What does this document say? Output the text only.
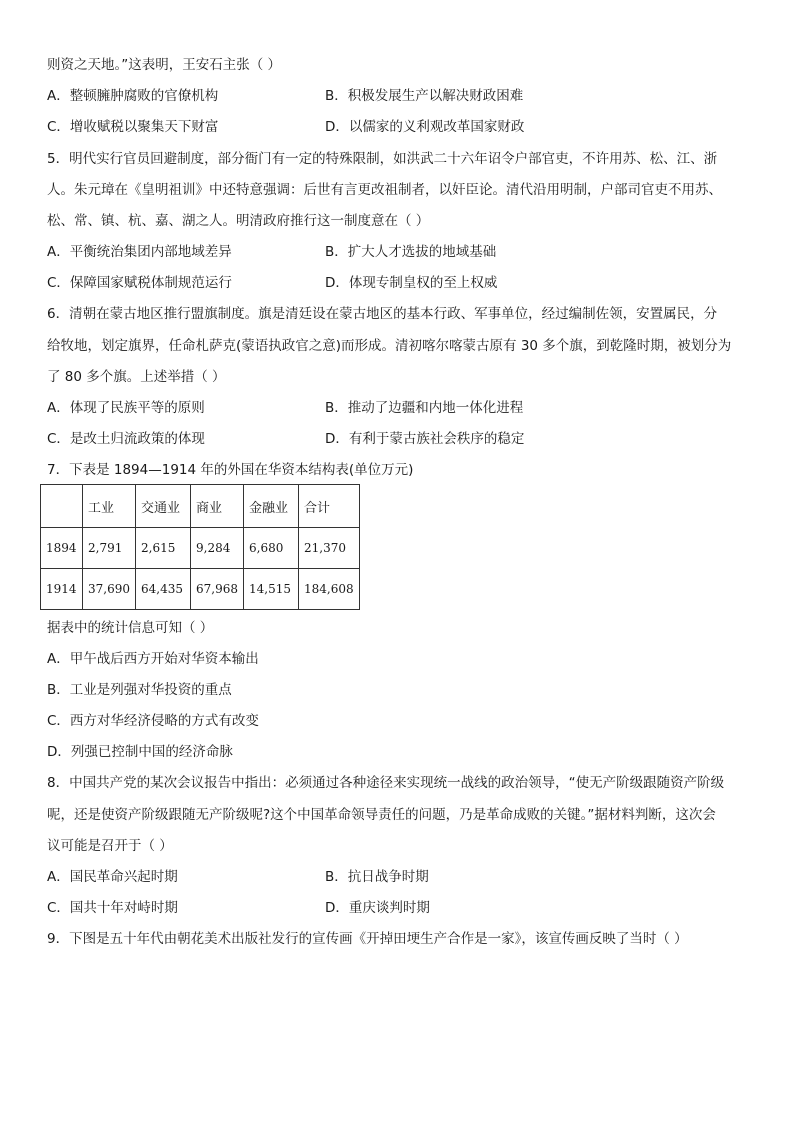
则资之天地。”这表明，王安石主张（ ）
A．整顿臃肿腐败的官僚机构	B．积极发展生产以解决财政困难
C．增收赋税以聚集天下财富	D．以儒家的义利观改革国家财政
5．明代实行官员回避制度，部分衙门有一定的特殊限制，如洪武二十六年诏令户部官吏，不许用苏、松、江、浙
人。朱元璋在《皇明祖训》中还特意强调：后世有言更改祖制者，以奸臣论。清代沿用明制，户部司官吏不用苏、
松、常、镇、杭、嘉、湖之人。明清政府推行这一制度意在（ ）
A．平衡统治集团内部地域差异	B．扩大人才选拔的地域基础
C．保障国家赋税体制规范运行	D．体现专制皇权的至上权威
6．清朝在蒙古地区推行盟旗制度。旗是清廷设在蒙古地区的基本行政、军事单位，经过编制佐领，安置属民，分
给牧地，划定旗界，任命札萨克(蒙语执政官之意)而形成。清初喀尔喀蒙古原有 30 多个旗，到乾隆时期，被划分为
了 80 多个旗。上述举措（ ）
A．体现了民族平等的原则	B．推动了边疆和内地一体化进程
C．是改土归流政策的体现	D．有利于蒙古族社会秩序的稳定
7．下表是 1894—1914 年的外国在华资本结构表(单位万元)
	工业	交通业	商业	金融业	合计
1894	2,791	2,615	9,284	6,680	21,370
1914	37,690	64,435	67,968	14,515	184,608
据表中的统计信息可知（ ）
A．甲午战后西方开始对华资本输出
B．工业是列强对华投资的重点
C．西方对华经济侵略的方式有改变
D．列强已控制中国的经济命脉
8．中国共产党的某次会议报告中指出：必须通过各种途径来实现统一战线的政治领导，“使无产阶级跟随资产阶级
呢，还是使资产阶级跟随无产阶级呢?这个中国革命领导责任的问题，乃是革命成败的关键。”据材料判断，这次会
议可能是召开于（ ）
A．国民革命兴起时期	B．抗日战争时期
C．国共十年对峙时期	D．重庆谈判时期
9．下图是五十年代由朝花美术出版社发行的宣传画《开掉田埂生产合作是一家》，该宣传画反映了当时（ ）
